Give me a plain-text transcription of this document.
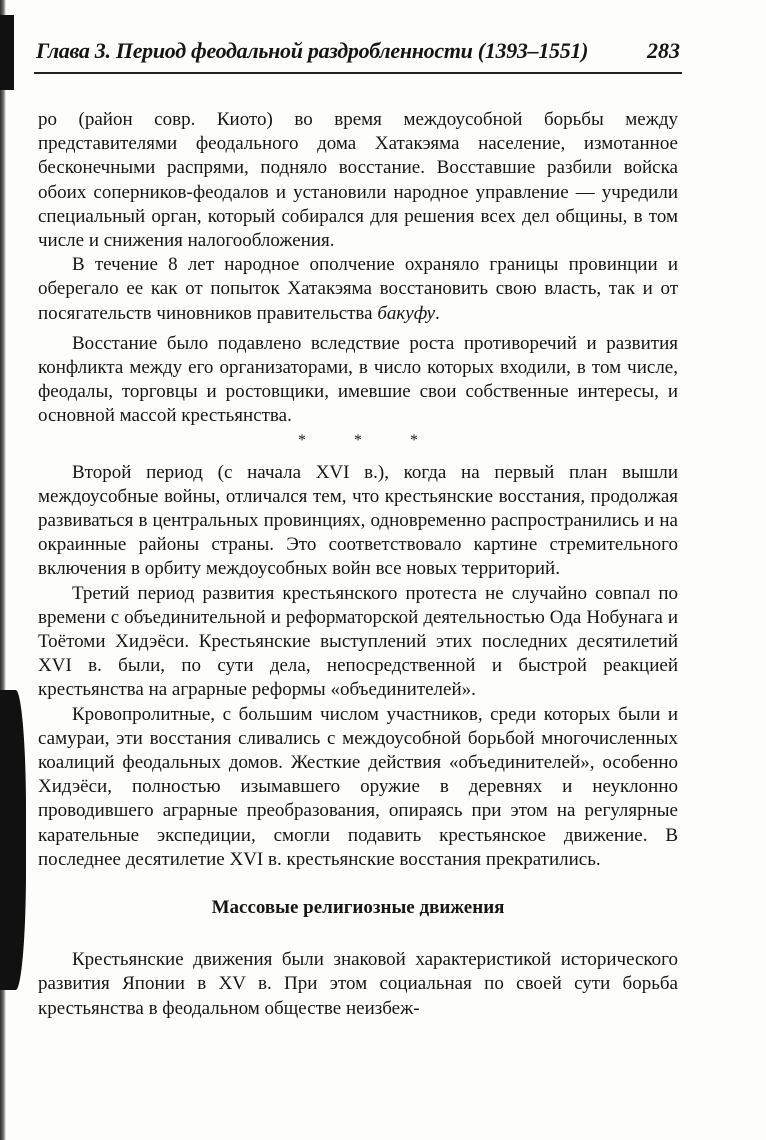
Глава 3. Период феодальной раздробленности (1393–1551)	283

ро (район совр. Киото) во время междоусобной борьбы между представителями феодального дома Хатакэяма население, измотанное бесконечными распрями, подняло восстание. Восставшие разбили войска обоих соперников-феодалов и установили народное управление — учредили специальный орган, который собирался для решения всех дел общины, в том числе и снижения налогообложения.

В течение 8 лет народное ополчение охраняло границы провинции и оберегало ее как от попыток Хатакэяма восстановить свою власть, так и от посягательств чиновников правительства бакуфу.

Восстание было подавлено вследствие роста противоречий и развития конфликта между его организаторами, в число которых входили, в том числе, феодалы, торговцы и ростовщики, имевшие свои собственные интересы, и основной массой крестьянства.

* * *

Второй период (с начала XVI в.), когда на первый план вышли междоусобные войны, отличался тем, что крестьянские восстания, продолжая развиваться в центральных провинциях, одновременно распространились и на окраинные районы страны. Это соответствовало картине стремительного включения в орбиту междоусобных войн все новых территорий.

Третий период развития крестьянского протеста не случайно совпал по времени с объединительной и реформаторской деятельностью Ода Нобунага и Тоётоми Хидэёси. Крестьянские выступлений этих последних десятилетий XVI в. были, по сути дела, непосредственной и быстрой реакцией крестьянства на аграрные реформы «объединителей».

Кровопролитные, с большим числом участников, среди которых были и самураи, эти восстания сливались с междоусобной борьбой многочисленных коалиций феодальных домов. Жесткие действия «объединителей», особенно Хидэёси, полностью изымавшего оружие в деревнях и неуклонно проводившего аграрные преобразования, опираясь при этом на регулярные карательные экспедиции, смогли подавить крестьянское движение. В последнее десятилетие XVI в. крестьянские восстания прекратились.

Массовые религиозные движения

Крестьянские движения были знаковой характеристикой исторического развития Японии в XV в. При этом социальная по своей сути борьба крестьянства в феодальном обществе неизбеж-
